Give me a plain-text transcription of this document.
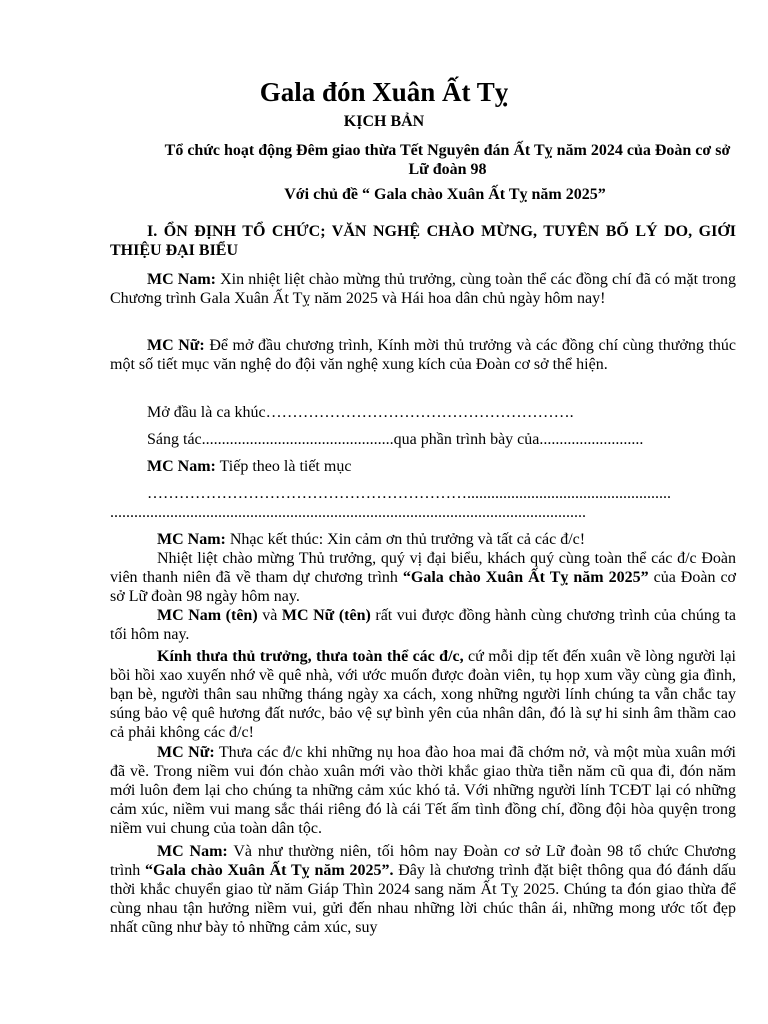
Gala đón Xuân Ất Tỵ
KỊCH BẢN
Tổ chức hoạt động Đêm giao thừa Tết Nguyên đán Ất Tỵ năm 2024 của Đoàn cơ sở Lữ đoàn 98
Với chủ đề “ Gala chào Xuân Ất Tỵ năm 2025”
I. ỔN ĐỊNH TỔ CHỨC; VĂN NGHỆ CHÀO MỪNG, TUYÊN BỐ LÝ DO, GIỚI THIỆU ĐẠI BIỂU
MC Nam: Xin nhiệt liệt chào mừng thủ trưởng, cùng toàn thể các đồng chí đã có mặt trong Chương trình Gala Xuân Ất Tỵ năm 2025 và Hái hoa dân chủ ngày hôm nay!
MC Nữ: Để mở đầu chương trình, Kính mời thủ trưởng và các đồng chí cùng thưởng thúc một số tiết mục văn nghệ do đội văn nghệ xung kích của Đoàn cơ sở thể hiện.
Mở đầu là ca khúc………………………………………………….
Sáng tác................................................qua phần trình bày của..........................
MC Nam: Tiếp theo là tiết mục
……………………………………………………...................................................
.......................................................................................................................
MC Nam: Nhạc kết thúc: Xin cảm ơn thủ trưởng và tất cả các đ/c!
Nhiệt liệt chào mừng Thủ trưởng, quý vị đại biểu, khách quý cùng toàn thể các đ/c Đoàn viên thanh niên đã về tham dự chương trình “Gala chào Xuân Ất Tỵ năm 2025” của Đoàn cơ sở Lữ đoàn 98 ngày hôm nay.
MC Nam (tên) và MC Nữ (tên) rất vui được đồng hành cùng chương trình của chúng ta tối hôm nay.
Kính thưa thủ trưởng, thưa toàn thể các đ/c, cứ mỗi dịp tết đến xuân về lòng người lại bồi hồi xao xuyến nhớ về quê nhà, với ước muốn được đoàn viên, tụ họp xum vầy cùng gia đình, bạn bè, người thân sau những tháng ngày xa cách, xong những người lính chúng ta vẫn chắc tay súng bảo vệ quê hương đất nước, bảo vệ sự bình yên của nhân dân, đó là sự hi sinh âm thầm cao cả phải không các đ/c!
MC Nữ: Thưa các đ/c khi những nụ hoa đào hoa mai đã chớm nở, và một mùa xuân mới đã về. Trong niềm vui đón chào xuân mới vào thời khắc giao thừa tiễn năm cũ qua đi, đón năm mới luôn đem lại cho chúng ta những cảm xúc khó tả. Với những người lính TCĐT lại có những cảm xúc, niềm vui mang sắc thái riêng đó là cái Tết ấm tình đồng chí, đồng đội hòa quyện trong niềm vui chung của toàn dân tộc.
MC Nam: Và như thường niên, tối hôm nay Đoàn cơ sở Lữ đoàn 98 tổ chức Chương trình “Gala chào Xuân Ất Tỵ năm 2025”. Đây là chương trình đặt biệt thông qua đó đánh dấu thời khắc chuyển giao từ năm Giáp Thìn 2024 sang năm Ất Tỵ 2025. Chúng ta đón giao thừa để cùng nhau tận hưởng niềm vui, gửi đến nhau những lời chúc thân ái, những mong ước tốt đẹp nhất cũng như bày tỏ những cảm xúc, suy
